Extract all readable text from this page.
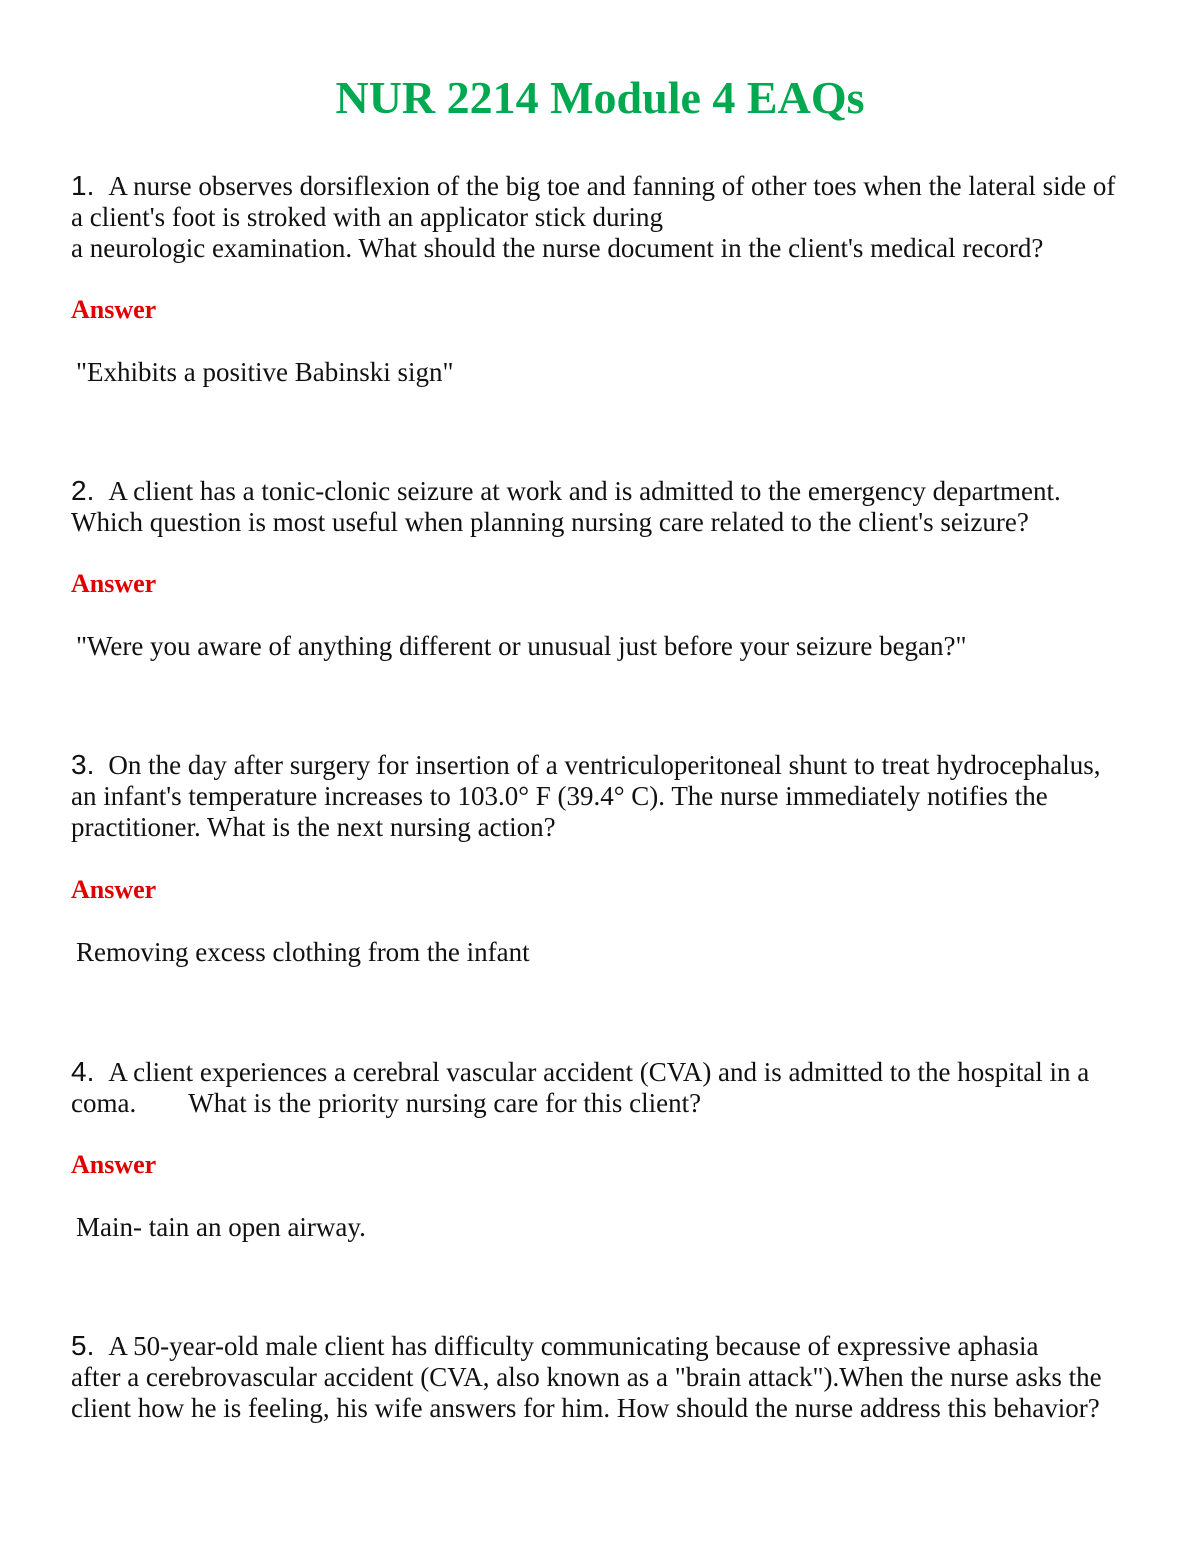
NUR 2214 Module 4 EAQs
1. A nurse observes dorsiflexion of the big toe and fanning of other toes when the lateral side of
a client's foot is stroked with an applicator stick during
a neurologic examination. What should the nurse document in the client's medical record?
Answer
"Exhibits a positive Babinski sign"
2. A client has a tonic-clonic seizure at work and is admitted to the emergency department.
Which question is most useful when planning nursing care related to the client's seizure?
Answer
"Were you aware of anything different or unusual just before your seizure began?"
3. On the day after surgery for insertion of a ventriculoperitoneal shunt to treat hydrocephalus,
an infant's temperature increases to 103.0° F (39.4° C). The nurse immediately notifies the
practitioner. What is the next nursing action?
Answer
Removing excess clothing from the infant
4. A client experiences a cerebral vascular accident (CVA) and is admitted to the hospital in a
coma. What is the priority nursing care for this client?
Answer
Main- tain an open airway.
5. A 50-year-old male client has difficulty communicating because of expressive aphasia
after a cerebrovascular accident (CVA, also known as a "brain attack").When the nurse asks the
client how he is feeling, his wife answers for him. How should the nurse address this behavior?
